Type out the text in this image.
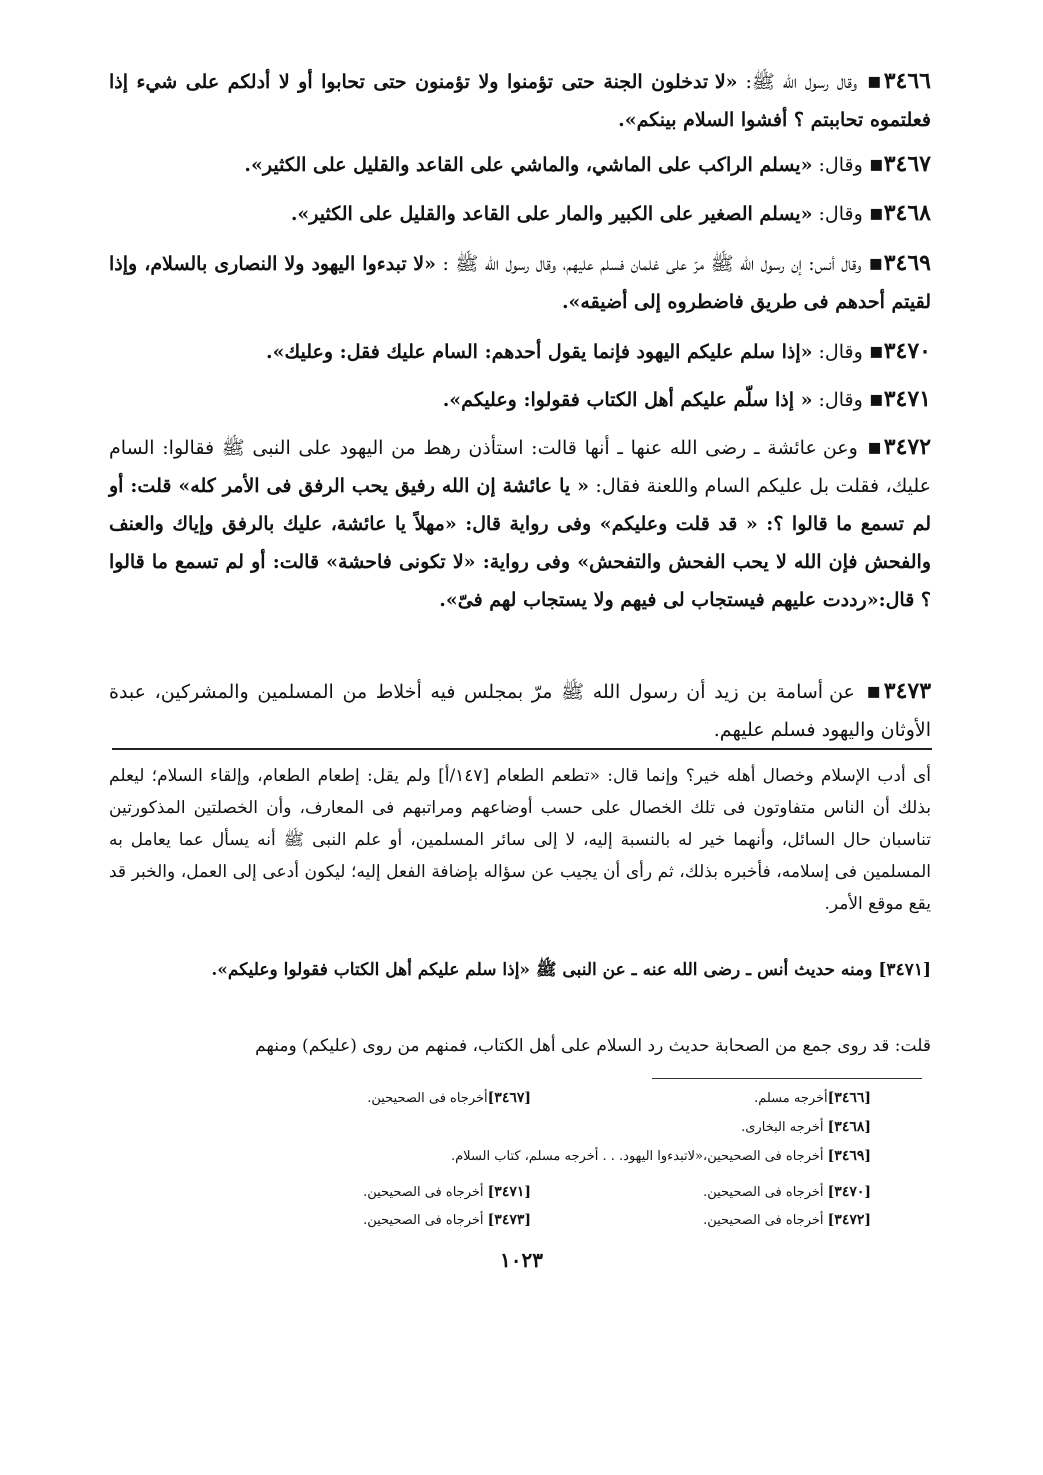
٣٤٦٦▪ وقال رسول الله ﷺ: «لا تدخلون الجنة حتى تؤمنوا ولا تؤمنون حتى تحابوا أو لا أدلكم على شيء إذا فعلتموه تحاببتم ؟ أفشوا السلام بينكم».
٣٤٦٧▪ وقال: «يسلم الراكب على الماشي، والماشي على القاعد والقليل على الكثير».
٣٤٦٨▪ وقال: «يسلم الصغير على الكبير والمار على القاعد والقليل على الكثير».
٣٤٦٩▪ وقال أنس: إن رسول الله ﷺ مرّ على غلمان فسلم عليهم، وقال رسول الله ﷺ : «لا تبدءوا اليهود ولا النصارى بالسلام، وإذا لقيتم أحدهم فى طريق فاضطروه إلى أضيقه».
٣٤٧٠▪ وقال: «إذا سلم عليكم اليهود فإنما يقول أحدهم: السام عليك فقل: وعليك».
٣٤٧١▪ وقال: « إذا سلّم عليكم أهل الكتاب فقولوا: وعليكم».
٣٤٧٢▪ وعن عائشة ـ رضى الله عنها ـ أنها قالت: استأذن رهط من اليهود على النبى ﷺ فقالوا: السام عليك، فقلت بل عليكم السام واللعنة فقال: « يا عائشة إن الله رفيق يحب الرفق فى الأمر كله» قلت: أو لم تسمع ما قالوا ؟: « قد قلت وعليكم» وفى رواية قال: «مهلاً يا عائشة، عليك بالرفق وإياك والعنف والفحش فإن الله لا يحب الفحش والتفحش» وفى رواية: «لا تكونى فاحشة» قالت: أو لم تسمع ما قالوا ؟ قال:«رددت عليهم فيستجاب لى فيهم ولا يستجاب لهم فىّ».
٣٤٧٣▪ عن أسامة بن زيد أن رسول الله ﷺ مرّ بمجلس فيه أخلاط من المسلمين والمشركين، عبدة الأوثان واليهود فسلم عليهم.
أى أدب الإسلام وخصال أهله خير؟ وإنما قال: «تطعم الطعام [١٤٧/أ] ولم يقل: إطعام الطعام، وإلقاء السلام؛ ليعلم بذلك أن الناس متفاوتون فى تلك الخصال على حسب أوضاعهم ومراتبهم فى المعارف، وأن الخصلتين المذكورتين تناسبان حال السائل، وأنهما خير له بالنسبة إليه، لا إلى سائر المسلمين، أو علم النبى ﷺ أنه يسأل عما يعامل به المسلمين فى إسلامه، فأخبره بذلك، ثم رأى أن يجيب عن سؤاله بإضافة الفعل إليه؛ ليكون أدعى إلى العمل، والخبر قد يقع موقع الأمر.
[٣٤٧١] ومنه حديث أنس ـ رضى الله عنه ـ عن النبى ﷺ «إذا سلم عليكم أهل الكتاب فقولوا وعليكم».
قلت: قد روى جمع من الصحابة حديث رد السلام على أهل الكتاب، فمنهم من روى (عليكم) ومنهم
[٣٤٦٦]أخرجه مسلم.
[٣٤٦٧]أخرجاه فى الصحيحين.
[٣٤٦٨] أخرجه البخارى.
[٣٤٦٩] أخرجاه فى الصحيحين،«لاتبدءوا اليهود. . . أخرجه مسلم، كتاب السلام.
[٣٤٧٠] أخرجاه فى الصحيحين.
[٣٤٧١] أخرجاه فى الصحيحين.
[٣٤٧٢] أخرجاه فى الصحيحين.
[٣٤٧٣] أخرجاه فى الصحيحين.
١٠٢٣
